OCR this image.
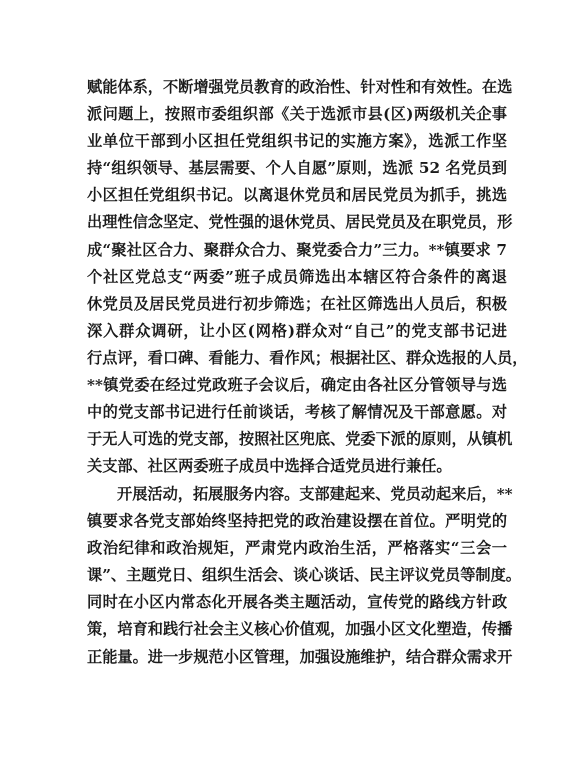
赋能体系，不断增强党员教育的政治性、针对性和有效性。在选
派问题上，按照市委组织部《关于选派市县(区)两级机关企事
业单位干部到小区担任党组织书记的实施方案》，选派工作坚
持“组织领导、基层需要、个人自愿”原则，选派 52 名党员到
小区担任党组织书记。以离退休党员和居民党员为抓手，挑选
出理性信念坚定、党性强的退休党员、居民党员及在职党员，形
成“聚社区合力、聚群众合力、聚党委合力”三力。**镇要求 7
个社区党总支“两委”班子成员筛选出本辖区符合条件的离退
休党员及居民党员进行初步筛选；在社区筛选出人员后，积极
深入群众调研，让小区(网格)群众对“自己”的党支部书记进
行点评，看口碑、看能力、看作风；根据社区、群众选报的人员，
**镇党委在经过党政班子会议后，确定由各社区分管领导与选
中的党支部书记进行任前谈话，考核了解情况及干部意愿。对
于无人可选的党支部，按照社区兜底、党委下派的原则，从镇机
关支部、社区两委班子成员中选择合适党员进行兼任。
开展活动，拓展服务内容。支部建起来、党员动起来后，**
镇要求各党支部始终坚持把党的政治建设摆在首位。严明党的
政治纪律和政治规矩，严肃党内政治生活，严格落实“三会一
课”、主题党日、组织生活会、谈心谈话、民主评议党员等制度。
同时在小区内常态化开展各类主题活动，宣传党的路线方针政
策，培育和践行社会主义核心价值观，加强小区文化塑造，传播
正能量。进一步规范小区管理，加强设施维护，结合群众需求开
